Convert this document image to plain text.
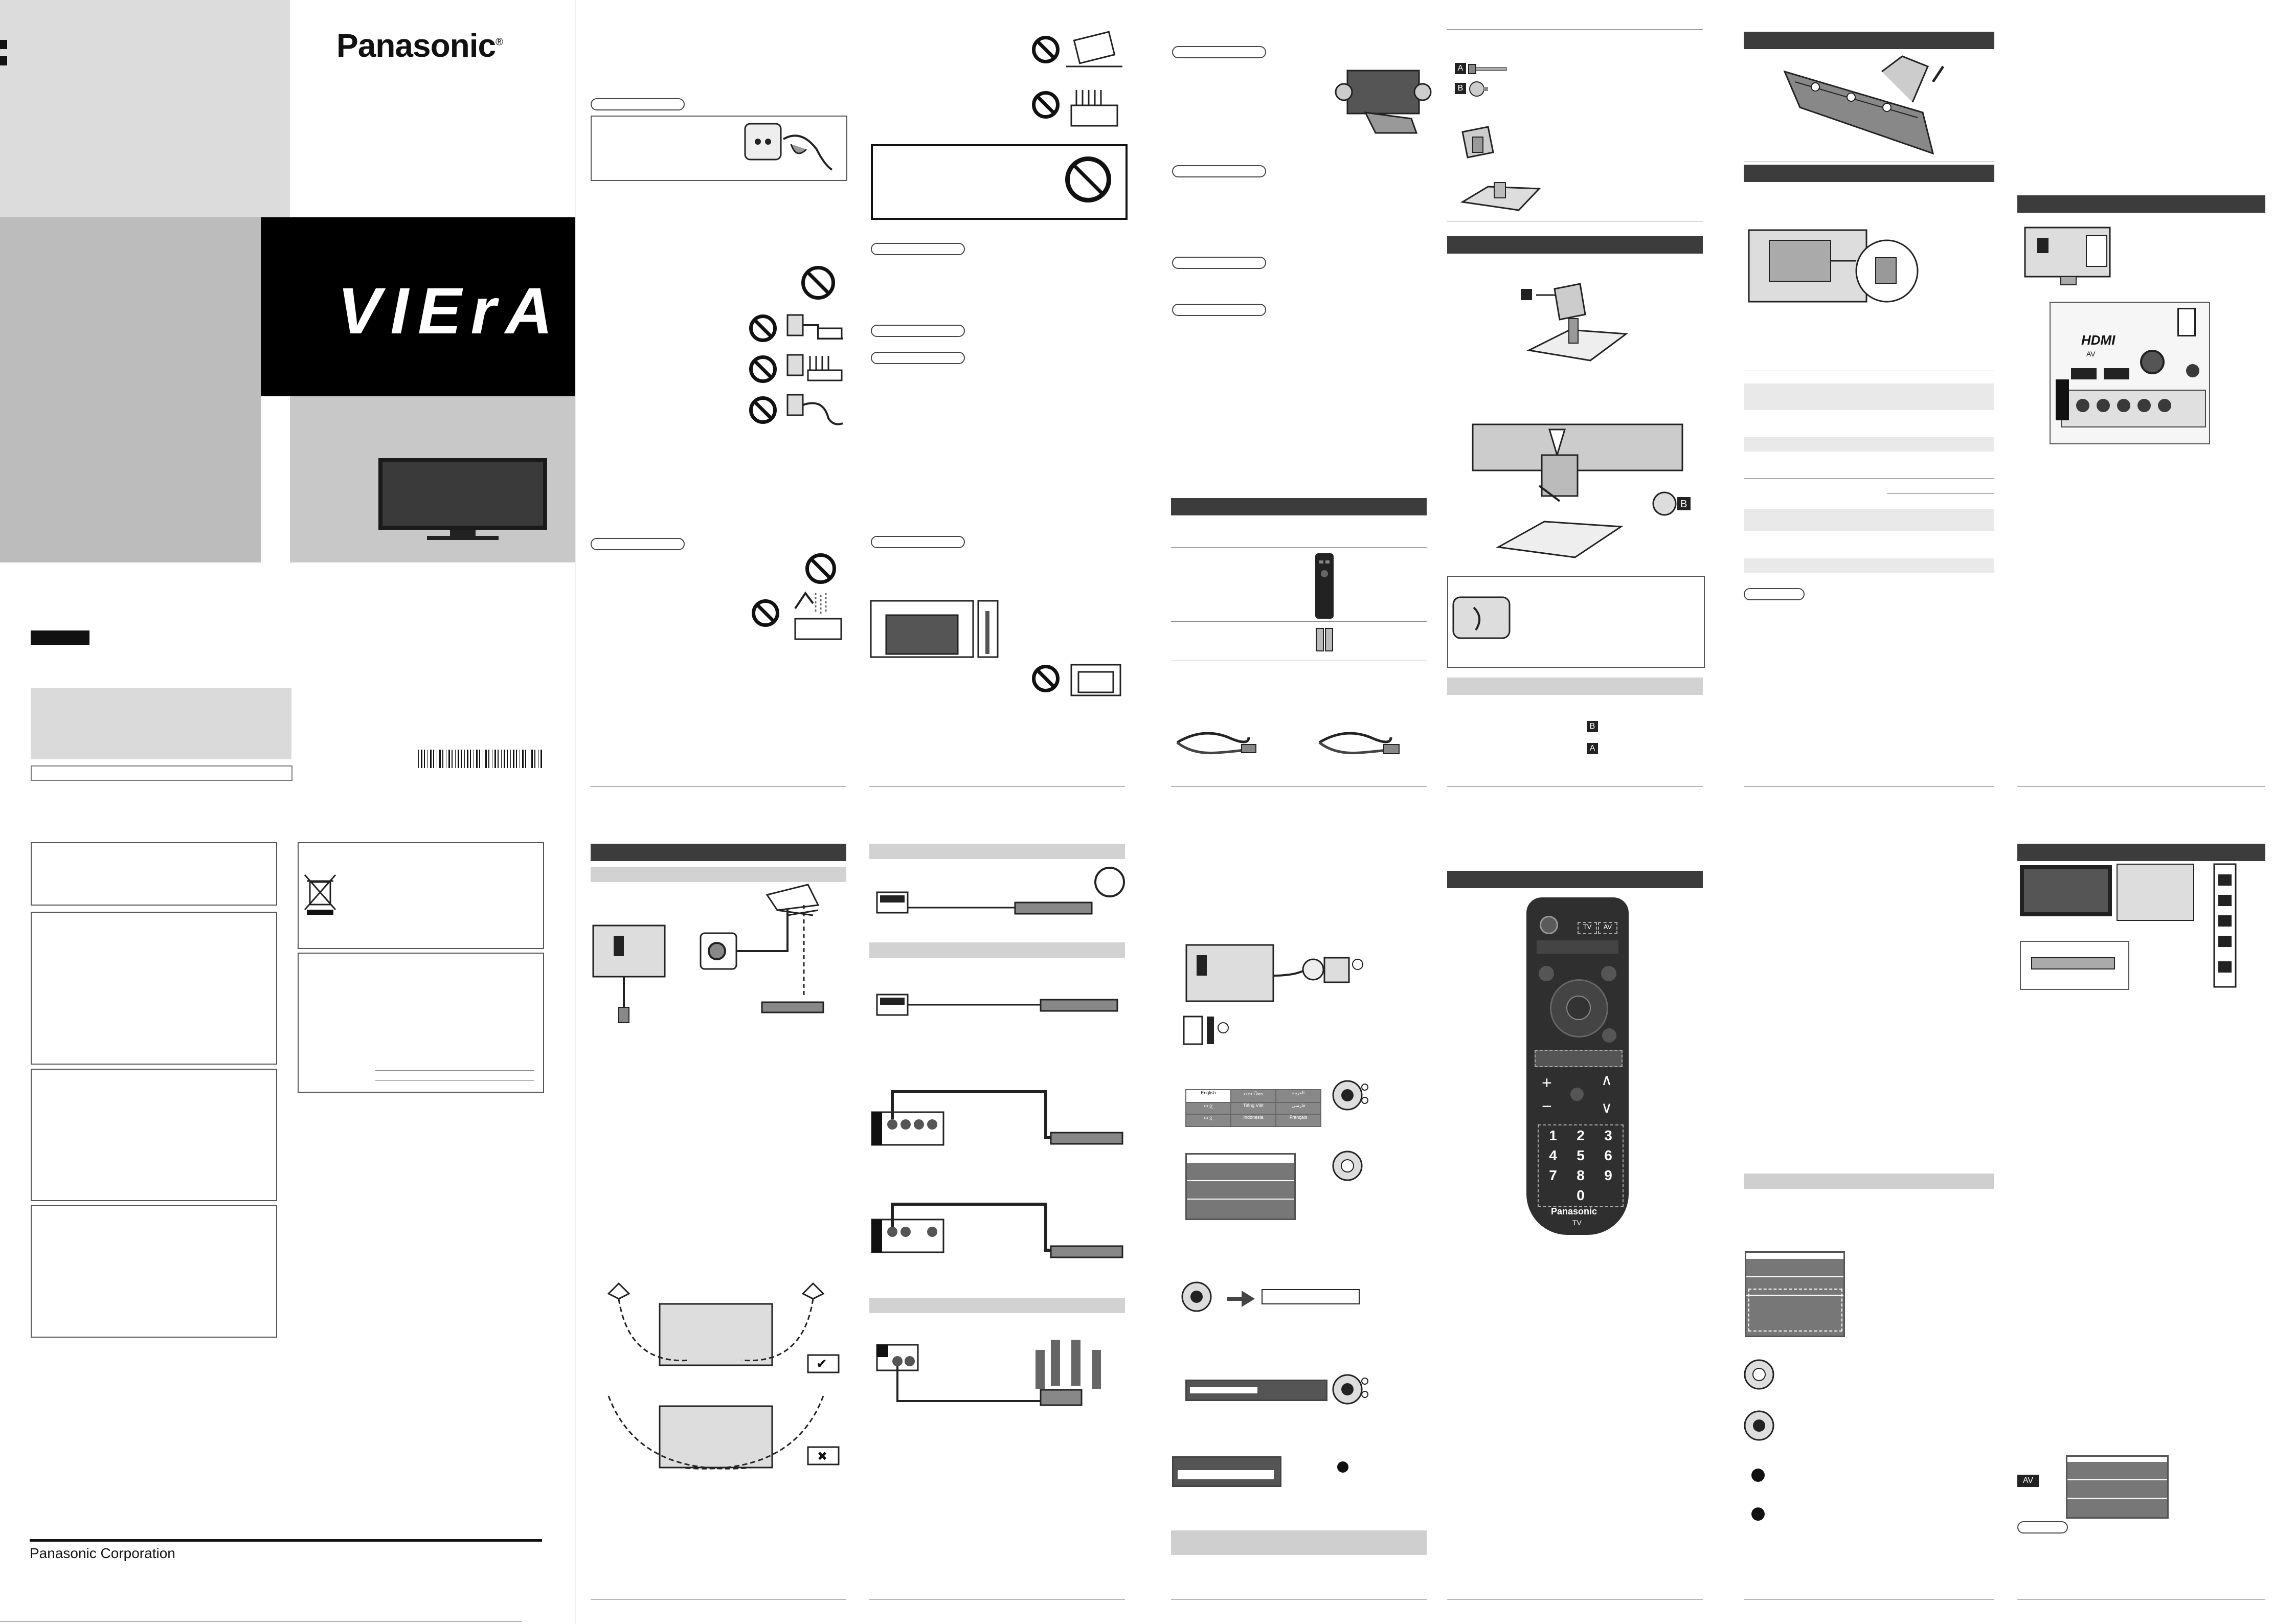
Panasonic®
VIErA
Panasonic Corporation
A
B
B
B
A
HDMI
AV
✔
✖
English	ภาษาไทย	العربية
中文	Tiếng Việt	فارسی
中文	Indonesia	Français
TV	AV
+
−
∧
∨
1	2	3
4	5	6
7	8	9
0
Panasonic
TV
AV
